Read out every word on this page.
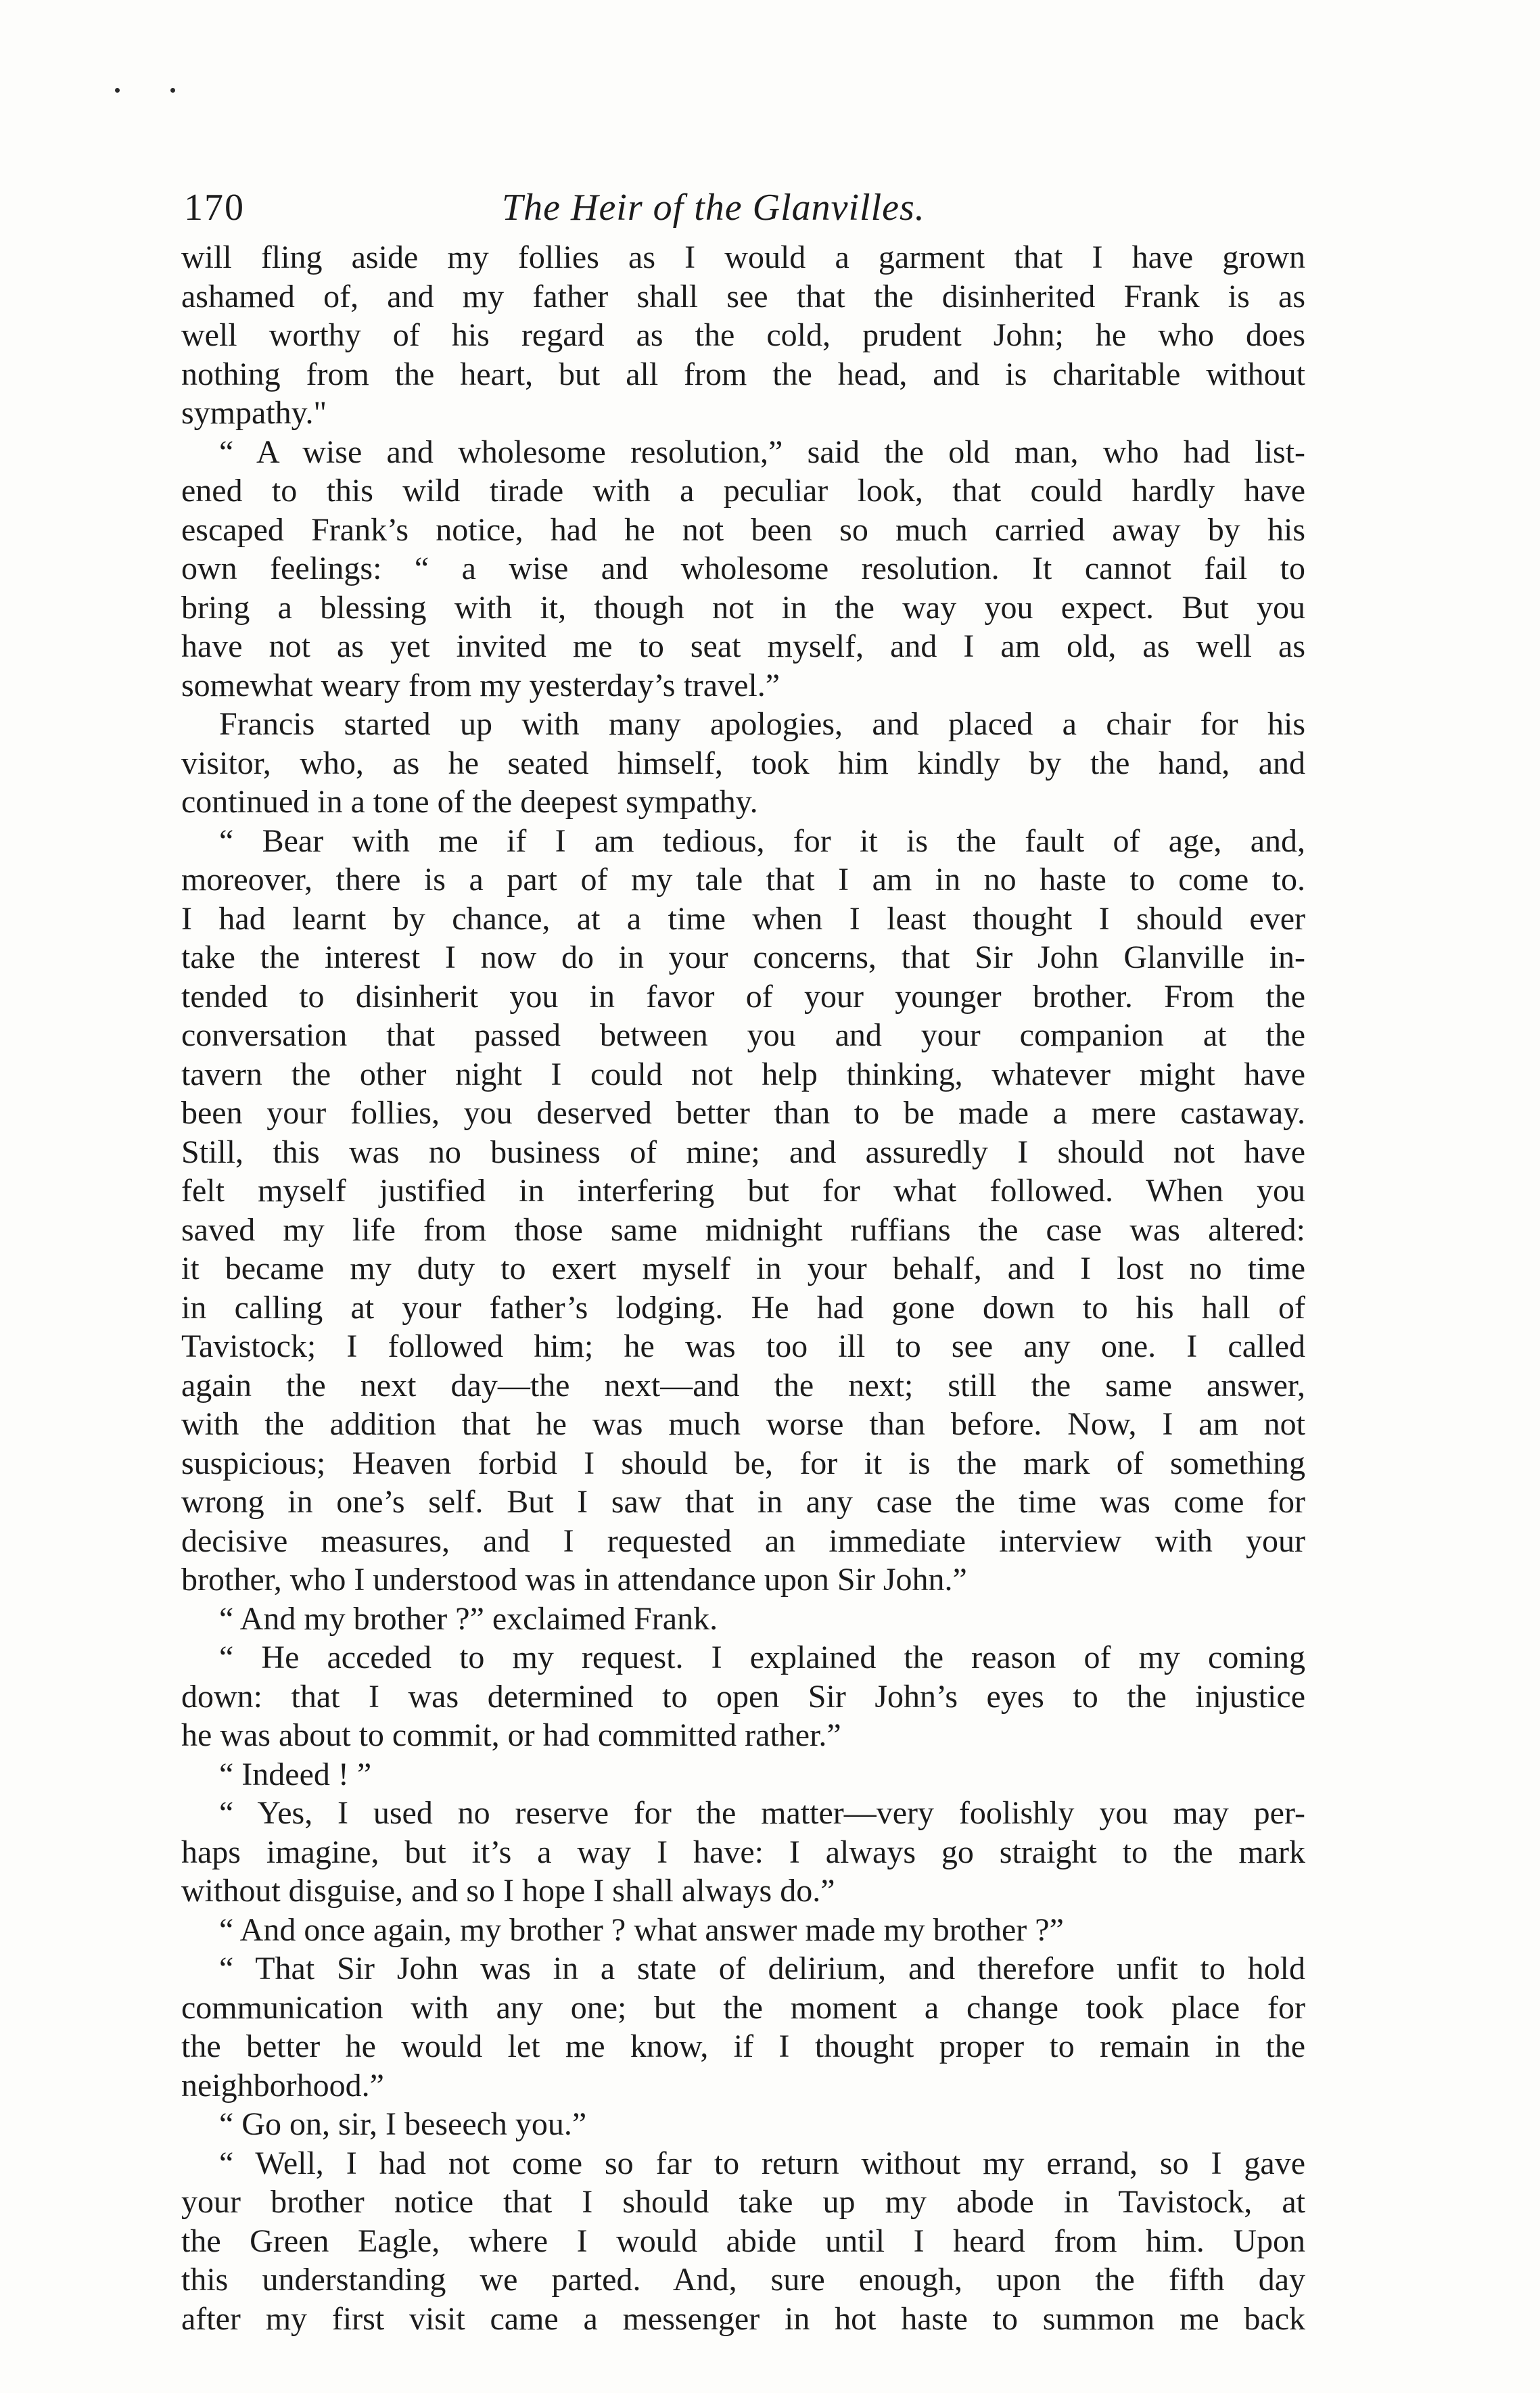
170	The Heir of the Glanvilles.
will fling aside my follies as I would a garment that I have grown
ashamed of, and my father shall see that the disinherited Frank is as
well worthy of his regard as the cold, prudent John; he who does
nothing from the heart, but all from the head, and is charitable without
sympathy."
“ A wise and wholesome resolution,” said the old man, who had list-
ened to this wild tirade with a peculiar look, that could hardly have
escaped Frank’s notice, had he not been so much carried away by his
own feelings: “ a wise and wholesome resolution. It cannot fail to
bring a blessing with it, though not in the way you expect. But you
have not as yet invited me to seat myself, and I am old, as well as
somewhat weary from my yesterday’s travel.”
Francis started up with many apologies, and placed a chair for his
visitor, who, as he seated himself, took him kindly by the hand, and
continued in a tone of the deepest sympathy.
“ Bear with me if I am tedious, for it is the fault of age, and,
moreover, there is a part of my tale that I am in no haste to come to.
I had learnt by chance, at a time when I least thought I should ever
take the interest I now do in your concerns, that Sir John Glanville in-
tended to disinherit you in favor of your younger brother. From the
conversation that passed between you and your companion at the
tavern the other night I could not help thinking, whatever might have
been your follies, you deserved better than to be made a mere castaway.
Still, this was no business of mine; and assuredly I should not have
felt myself justified in interfering but for what followed. When you
saved my life from those same midnight ruffians the case was altered:
it became my duty to exert myself in your behalf, and I lost no time
in calling at your father’s lodging. He had gone down to his hall of
Tavistock; I followed him; he was too ill to see any one. I called
again the next day—the next—and the next; still the same answer,
with the addition that he was much worse than before. Now, I am not
suspicious; Heaven forbid I should be, for it is the mark of something
wrong in one’s self. But I saw that in any case the time was come for
decisive measures, and I requested an immediate interview with your
brother, who I understood was in attendance upon Sir John.”
“ And my brother ?” exclaimed Frank.
“ He acceded to my request. I explained the reason of my coming
down: that I was determined to open Sir John’s eyes to the injustice
he was about to commit, or had committed rather.”
“ Indeed ! ”
“ Yes, I used no reserve for the matter—very foolishly you may per-
haps imagine, but it’s a way I have: I always go straight to the mark
without disguise, and so I hope I shall always do.”
“ And once again, my brother ? what answer made my brother ?”
“ That Sir John was in a state of delirium, and therefore unfit to hold
communication with any one; but the moment a change took place for
the better he would let me know, if I thought proper to remain in the
neighborhood.”
“ Go on, sir, I beseech you.”
“ Well, I had not come so far to return without my errand, so I gave
your brother notice that I should take up my abode in Tavistock, at
the Green Eagle, where I would abide until I heard from him. Upon
this understanding we parted. And, sure enough, upon the fifth day
after my first visit came a messenger in hot haste to summon me back
